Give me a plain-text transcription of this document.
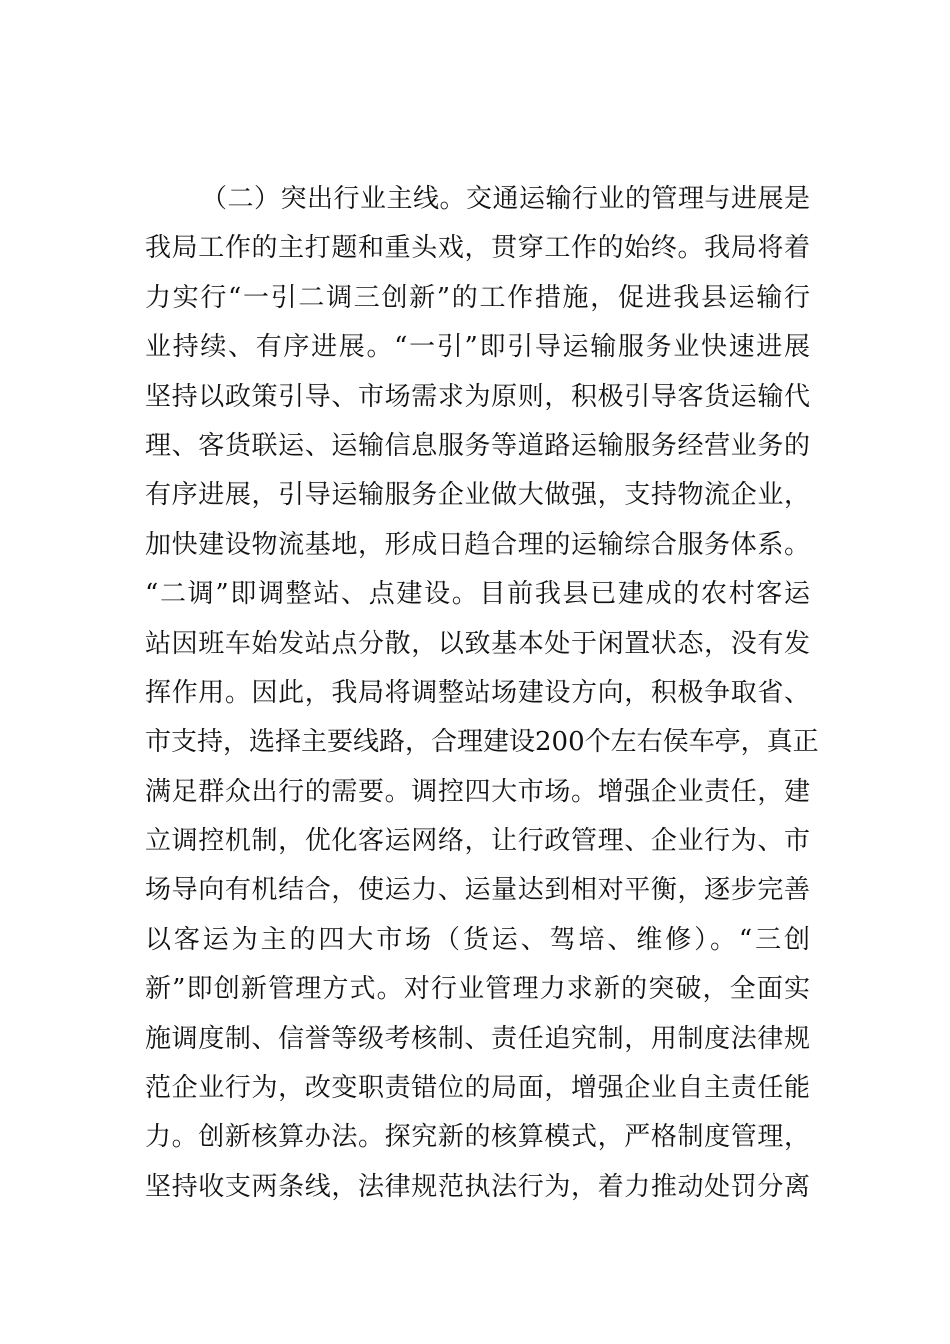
（二）突出行业主线。交通运输行业的管理与进展是
我局工作的主打题和重头戏，贯穿工作的始终。我局将着
力实行“一引二调三创新”的工作措施，促进我县运输行
业持续、有序进展。“一引”即引导运输服务业快速进展
坚持以政策引导、市场需求为原则，积极引导客货运输代
理、客货联运、运输信息服务等道路运输服务经营业务的
有序进展，引导运输服务企业做大做强，支持物流企业，
加快建设物流基地，形成日趋合理的运输综合服务体系。
“二调”即调整站、点建设。目前我县已建成的农村客运
站因班车始发站点分散，以致基本处于闲置状态，没有发
挥作用。因此，我局将调整站场建设方向，积极争取省、
市支持，选择主要线路，合理建设200个左右侯车亭，真正
满足群众出行的需要。调控四大市场。增强企业责任，建
立调控机制，优化客运网络，让行政管理、企业行为、市
场导向有机结合，使运力、运量达到相对平衡，逐步完善
以客运为主的四大市场（货运、驾培、维修）。“三创
新”即创新管理方式。对行业管理力求新的突破，全面实
施调度制、信誉等级考核制、责任追究制，用制度法律规
范企业行为，改变职责错位的局面，增强企业自主责任能
力。创新核算办法。探究新的核算模式，严格制度管理，
坚持收支两条线，法律规范执法行为，着力推动处罚分离
